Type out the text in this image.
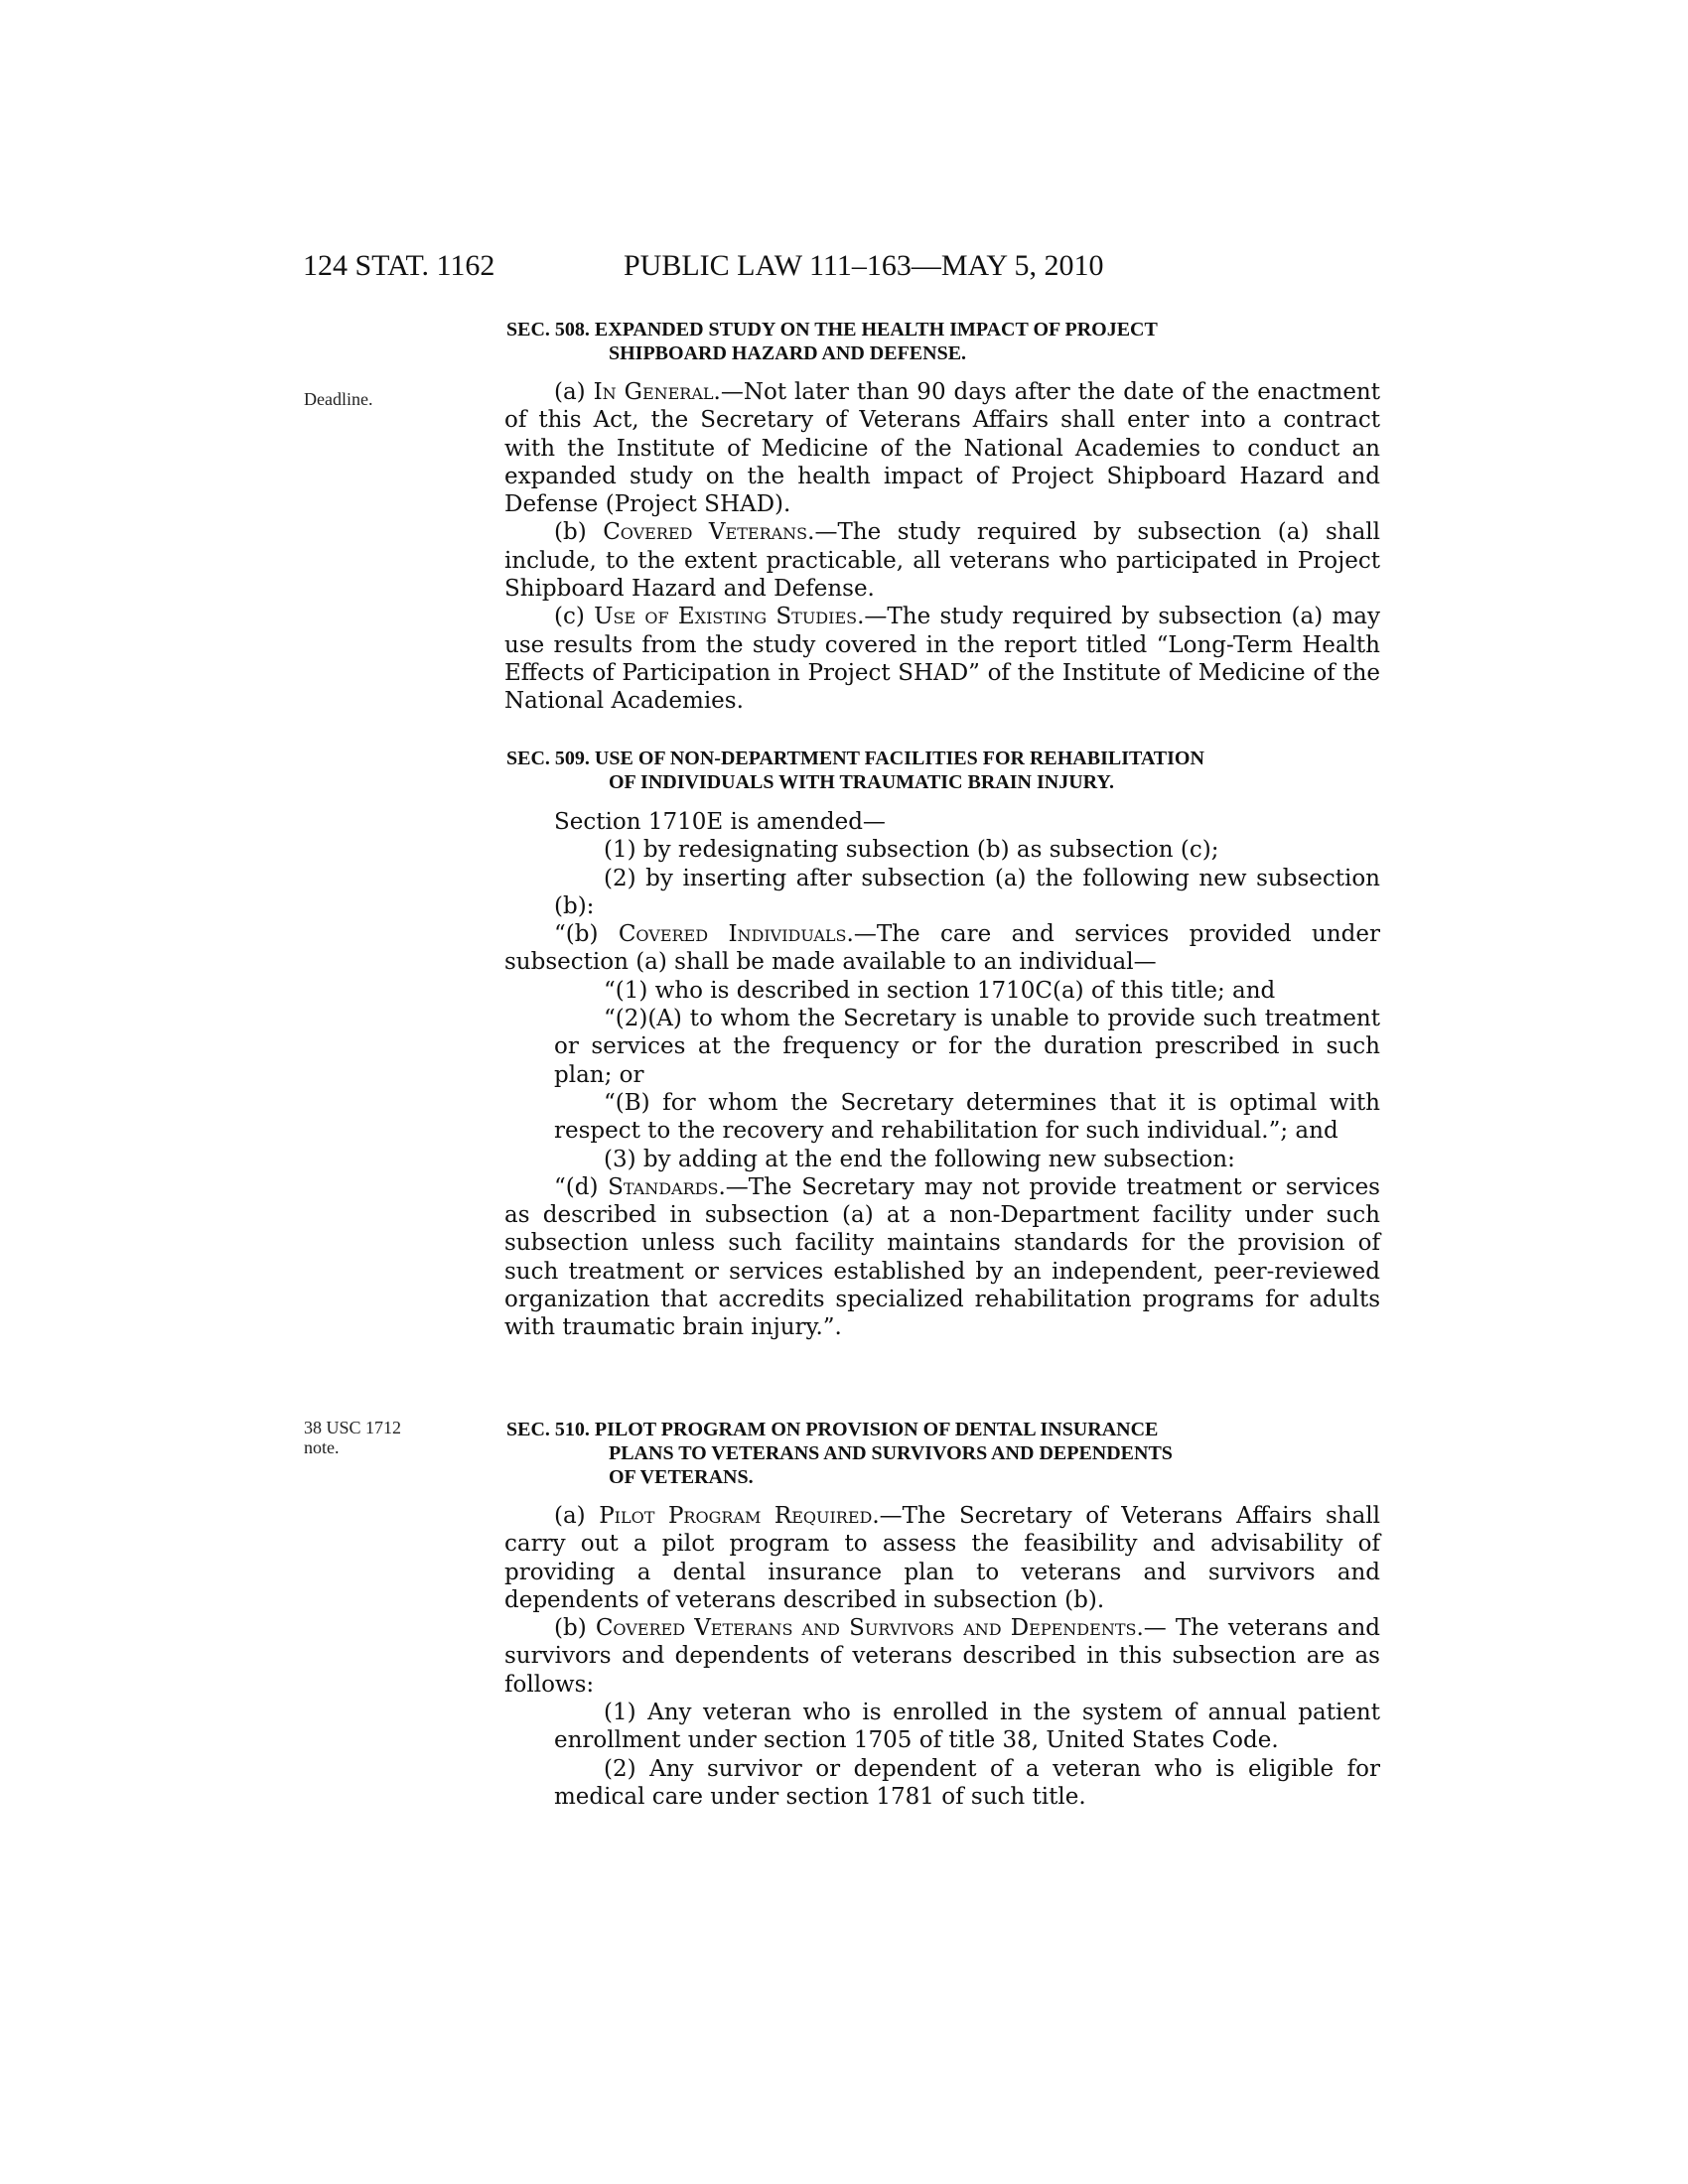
124 STAT. 1162	PUBLIC LAW 111–163—MAY 5, 2010
Deadline.
38 USC 1712
note.
SEC. 508. EXPANDED STUDY ON THE HEALTH IMPACT OF PROJECT
SHIPBOARD HAZARD AND DEFENSE.

(a) In General.—Not later than 90 days after the date of the enactment of this Act, the Secretary of Veterans Affairs shall enter into a contract with the Institute of Medicine of the National Academies to conduct an expanded study on the health impact of Project Shipboard Hazard and Defense (Project SHAD).

(b) Covered Veterans.—The study required by subsection (a) shall include, to the extent practicable, all veterans who participated in Project Shipboard Hazard and Defense.

(c) Use of Existing Studies.—The study required by subsection (a) may use results from the study covered in the report titled “Long-Term Health Effects of Participation in Project SHAD” of the Institute of Medicine of the National Academies.

SEC. 509. USE OF NON-DEPARTMENT FACILITIES FOR REHABILITATION
OF INDIVIDUALS WITH TRAUMATIC BRAIN INJURY.

Section 1710E is amended—

(1) by redesignating subsection (b) as subsection (c);

(2) by inserting after subsection (a) the following new subsection (b):

“(b) Covered Individuals.—The care and services provided under subsection (a) shall be made available to an individual—

“(1) who is described in section 1710C(a) of this title; and

“(2)(A) to whom the Secretary is unable to provide such treatment or services at the frequency or for the duration prescribed in such plan; or

“(B) for whom the Secretary determines that it is optimal with respect to the recovery and rehabilitation for such individual.”; and

(3) by adding at the end the following new subsection:

“(d) Standards.—The Secretary may not provide treatment or services as described in subsection (a) at a non-Department facility under such subsection unless such facility maintains standards for the provision of such treatment or services established by an independent, peer-reviewed organization that accredits specialized rehabilitation programs for adults with traumatic brain injury.”.

SEC. 510. PILOT PROGRAM ON PROVISION OF DENTAL INSURANCE
PLANS TO VETERANS AND SURVIVORS AND DEPENDENTS
OF VETERANS.

(a) Pilot Program Required.—The Secretary of Veterans Affairs shall carry out a pilot program to assess the feasibility and advisability of providing a dental insurance plan to veterans and survivors and dependents of veterans described in subsection (b).

(b) Covered Veterans and Survivors and Dependents.— The veterans and survivors and dependents of veterans described in this subsection are as follows:

(1) Any veteran who is enrolled in the system of annual patient enrollment under section 1705 of title 38, United States Code.

(2) Any survivor or dependent of a veteran who is eligible for medical care under section 1781 of such title.
